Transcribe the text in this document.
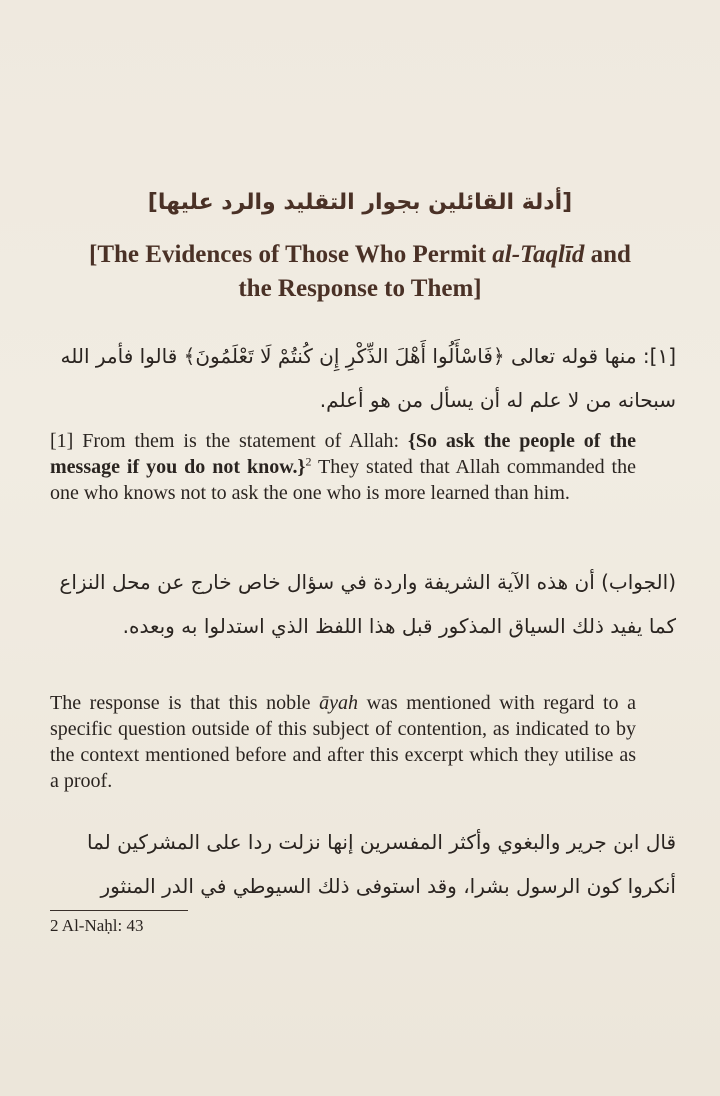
[أدلة القائلين بجوار التقليد والرد عليها]
[The Evidences of Those Who Permit al-Taqlīd and
the Response to Them]
[١]: منها قوله تعالى ﴿فَاسْأَلُوا أَهْلَ الذِّكْرِ إِن كُنتُمْ لَا تَعْلَمُونَ﴾ قالوا فأمر الله سبحانه من لا علم له أن يسأل من هو أعلم.
[1] From them is the statement of Allah: {So ask the people of the message if you do not know.}$^2$ They stated that Allah commanded the one who knows not to ask the one who is more learned than him.
(الجواب) أن هذه الآية الشريفة واردة في سؤال خاص خارج عن محل النزاع كما يفيد ذلك السياق المذكور قبل هذا اللفظ الذي استدلوا به وبعده.
The response is that this noble āyah was mentioned with regard to a specific question outside of this subject of contention, as indicated to by the context mentioned before and after this excerpt which they utilise as a proof.
قال ابن جرير والبغوي وأكثر المفسرين إنها نزلت ردا على المشركين لما أنكروا كون الرسول بشرا، وقد استوفى ذلك السيوطي في الدر المنثور
2 Al-Naḥl: 43
